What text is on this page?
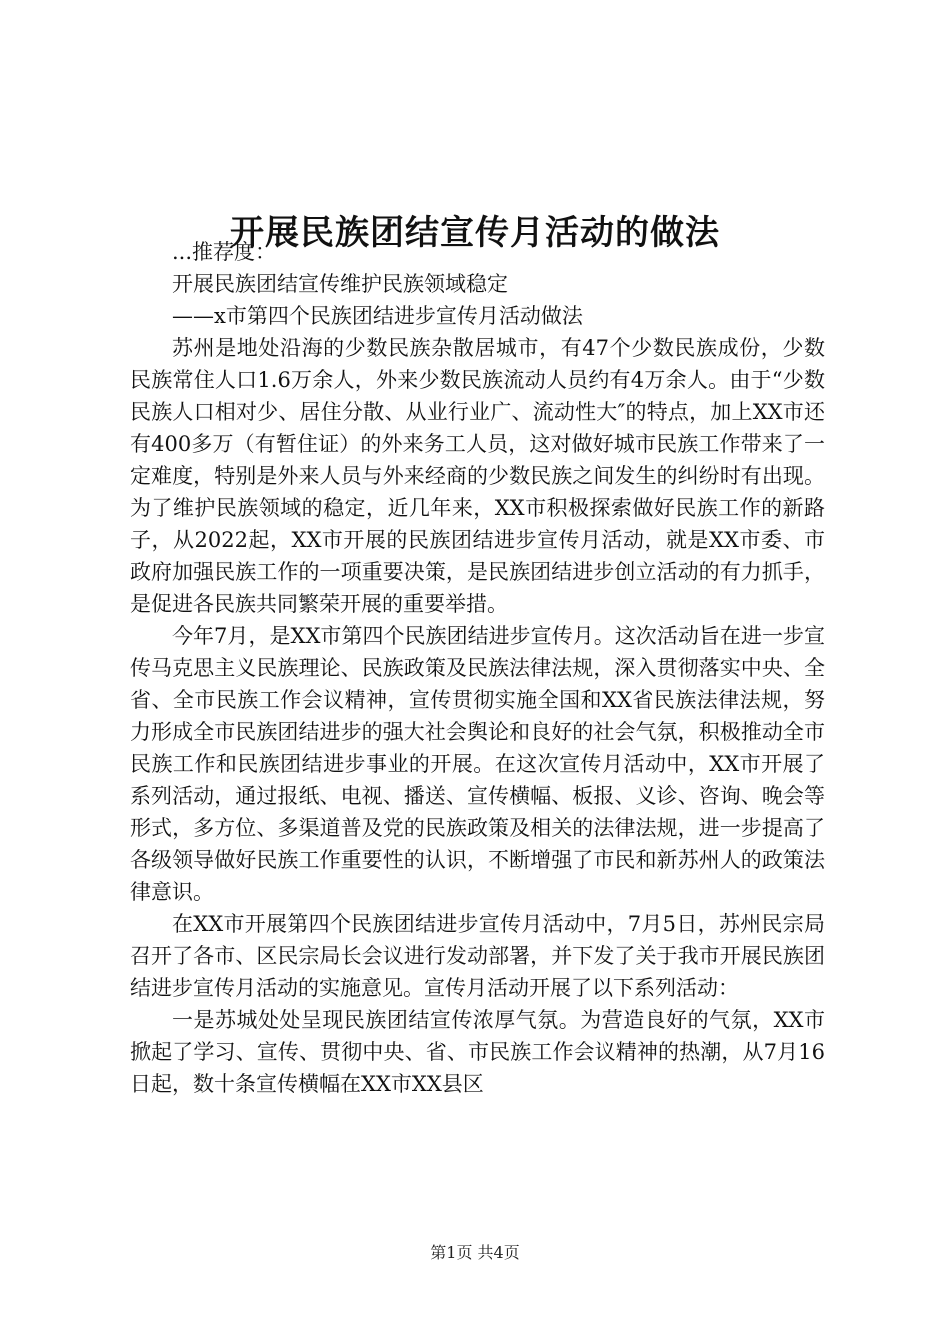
开展民族团结宣传月活动的做法

...推荐度：

开展民族团结宣传维护民族领域稳定

——x市第四个民族团结进步宣传月活动做法

苏州是地处沿海的少数民族杂散居城市，有47个少数民族成份，少数民族常住人口1.6万余人，外来少数民族流动人员约有4万余人。由于“少数民族人口相对少、居住分散、从业行业广、流动性大″的特点，加上XX市还有400多万（有暂住证）的外来务工人员，这对做好城市民族工作带来了一定难度，特别是外来人员与外来经商的少数民族之间发生的纠纷时有出现。为了维护民族领域的稳定，近几年来，XX市积极探索做好民族工作的新路子，从2022起，XX市开展的民族团结进步宣传月活动，就是XX市委、市政府加强民族工作的一项重要决策，是民族团结进步创立活动的有力抓手，是促进各民族共同繁荣开展的重要举措。

今年7月，是XX市第四个民族团结进步宣传月。这次活动旨在进一步宣传马克思主义民族理论、民族政策及民族法律法规，深入贯彻落实中央、全省、全市民族工作会议精神，宣传贯彻实施全国和XX省民族法律法规，努力形成全市民族团结进步的强大社会舆论和良好的社会气氛，积极推动全市民族工作和民族团结进步事业的开展。在这次宣传月活动中，XX市开展了系列活动，通过报纸、电视、播送、宣传横幅、板报、义诊、咨询、晚会等形式，多方位、多渠道普及党的民族政策及相关的法律法规，进一步提高了各级领导做好民族工作重要性的认识，不断增强了市民和新苏州人的政策法律意识。

在XX市开展第四个民族团结进步宣传月活动中，7月5日，苏州民宗局召开了各市、区民宗局长会议进行发动部署，并下发了关于我市开展民族团结进步宣传月活动的实施意见。宣传月活动开展了以下系列活动：

一是苏城处处呈现民族团结宣传浓厚气氛。为营造良好的气氛，XX市掀起了学习、宣传、贯彻中央、省、市民族工作会议精神的热潮，从7月16日起，数十条宣传横幅在XX市XX县区

第1页 共4页
